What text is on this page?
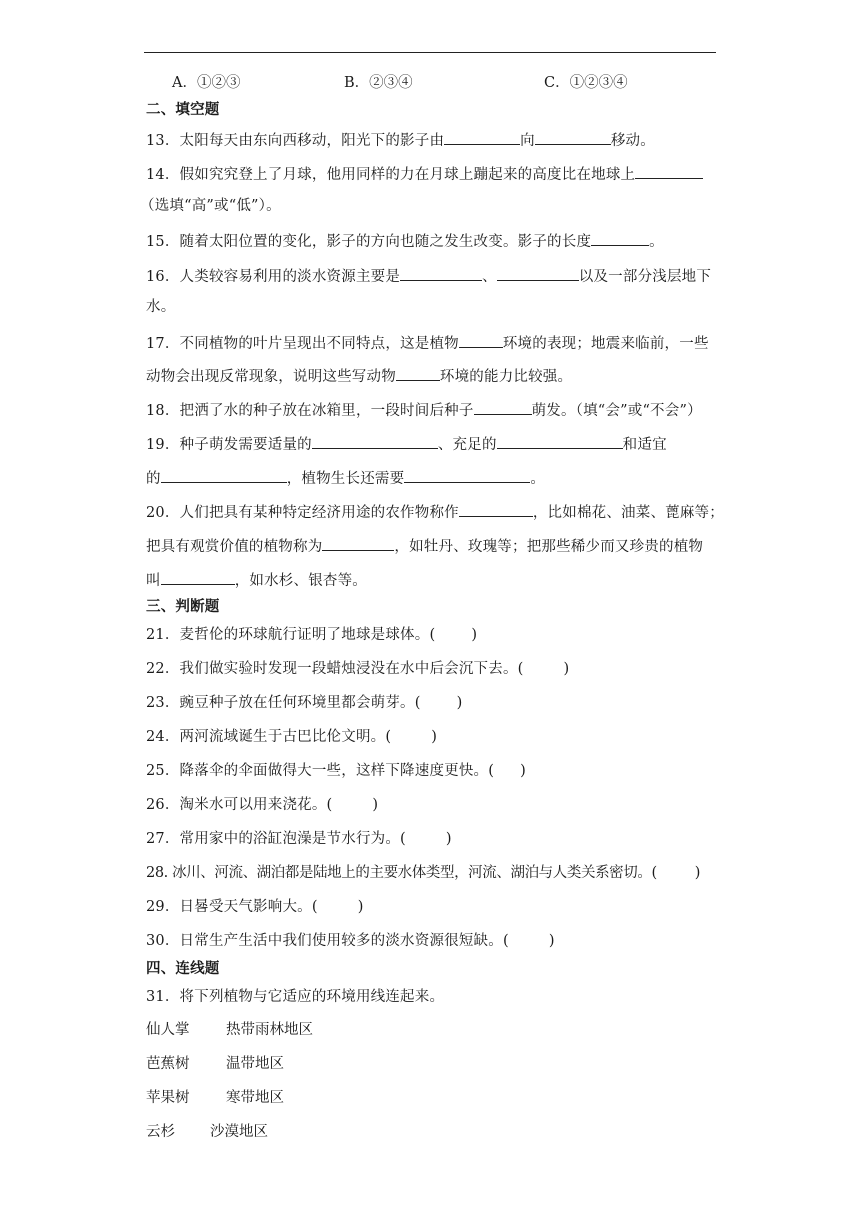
A．①②③	B．②③④	C．①②③④
二、填空题
13．太阳每天由东向西移动，阳光下的影子由	向	移动。
14．假如究究登上了月球，他用同样的力在月球上蹦起来的高度比在地球上
（选填“高”或“低”）。
15．随着太阳位置的变化，影子的方向也随之发生改变。影子的长度	。
16．人类较容易利用的淡水资源主要是	、	以及一部分浅层地下
水。
17．不同植物的叶片呈现出不同特点，这是植物	环境的表现；地震来临前，一些
动物会出现反常现象，说明这些写动物	环境的能力比较强。
18．把洒了水的种子放在冰箱里，一段时间后种子	萌发。（填“会”或“不会”）
19．种子萌发需要适量的	、充足的	和适宜
的	，植物生长还需要	。
20．人们把具有某种特定经济用途的农作物称作	，比如棉花、油菜、蓖麻等；
把具有观赏价值的植物称为	，如牡丹、玫瑰等；把那些稀少而又珍贵的植物
叫	，如水杉、银杏等。
三、判断题
21．麦哲伦的环球航行证明了地球是球体。( )
22．我们做实验时发现一段蜡烛浸没在水中后会沉下去。(	)
23．豌豆种子放在任何环境里都会萌芽。( )
24．两河流域诞生于古巴比伦文明。(	)
25．降落伞的伞面做得大一些，这样下降速度更快。( )
26．淘米水可以用来浇花。(	)
27．常用家中的浴缸泡澡是节水行为。(	)
28. 冰川、河流、湖泊都是陆地上的主要水体类型，河流、湖泊与人类关系密切。(	)
29．日晷受天气影响大。(	)
30．日常生产生活中我们使用较多的淡水资源很短缺。(	)
四、连线题
31．将下列植物与它适应的环境用线连起来。
仙人掌	热带雨林地区
芭蕉树	温带地区
苹果树	寒带地区
云杉 沙漠地区
